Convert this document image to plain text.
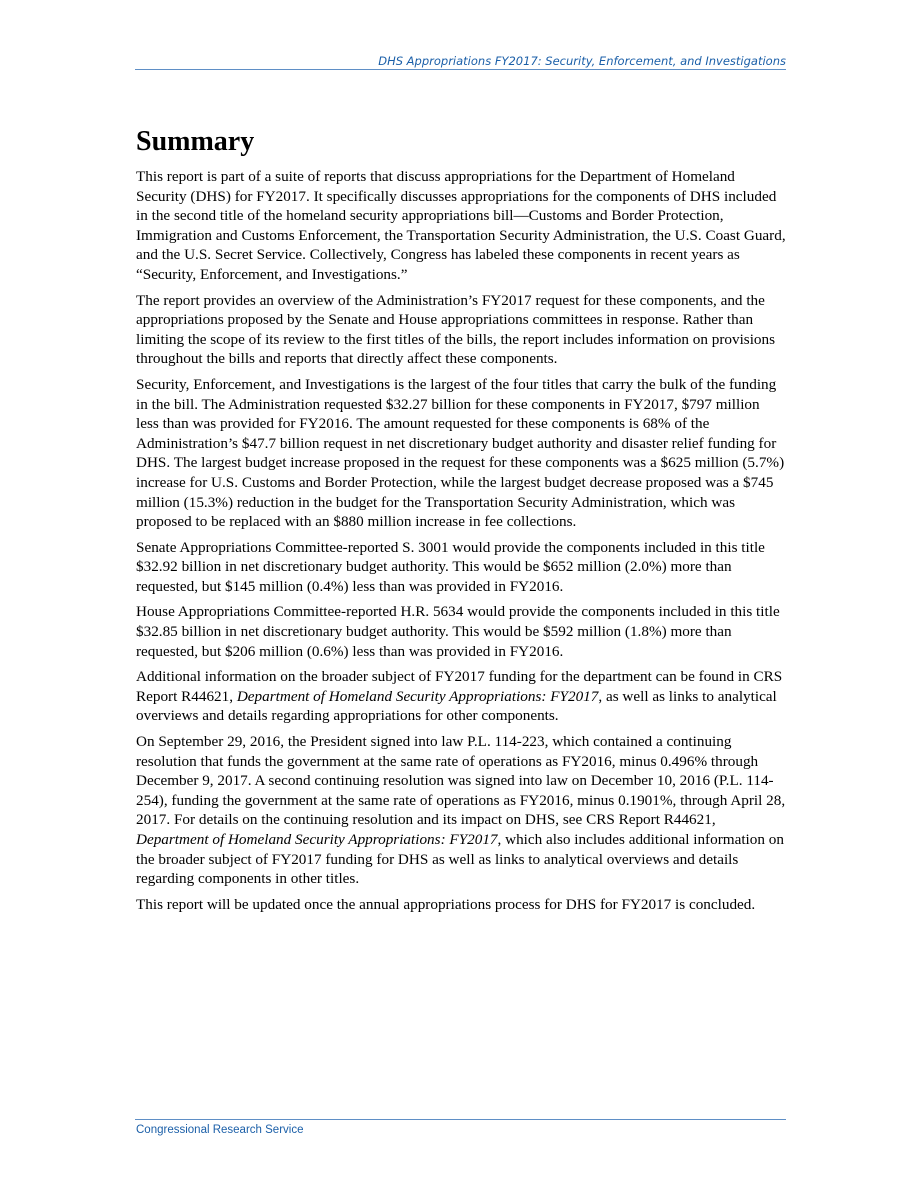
DHS Appropriations FY2017: Security, Enforcement, and Investigations
Summary

This report is part of a suite of reports that discuss appropriations for the Department of Homeland Security (DHS) for FY2017. It specifically discusses appropriations for the components of DHS included in the second title of the homeland security appropriations bill—Customs and Border Protection, Immigration and Customs Enforcement, the Transportation Security Administration, the U.S. Coast Guard, and the U.S. Secret Service. Collectively, Congress has labeled these components in recent years as “Security, Enforcement, and Investigations.”

The report provides an overview of the Administration’s FY2017 request for these components, and the appropriations proposed by the Senate and House appropriations committees in response. Rather than limiting the scope of its review to the first titles of the bills, the report includes information on provisions throughout the bills and reports that directly affect these components.

Security, Enforcement, and Investigations is the largest of the four titles that carry the bulk of the funding in the bill. The Administration requested $32.27 billion for these components in FY2017, $797 million less than was provided for FY2016. The amount requested for these components is 68% of the Administration’s $47.7 billion request in net discretionary budget authority and disaster relief funding for DHS. The largest budget increase proposed in the request for these components was a $625 million (5.7%) increase for U.S. Customs and Border Protection, while the largest budget decrease proposed was a $745 million (15.3%) reduction in the budget for the Transportation Security Administration, which was proposed to be replaced with an $880 million increase in fee collections.

Senate Appropriations Committee-reported S. 3001 would provide the components included in this title $32.92 billion in net discretionary budget authority. This would be $652 million (2.0%) more than requested, but $145 million (0.4%) less than was provided in FY2016.

House Appropriations Committee-reported H.R. 5634 would provide the components included in this title $32.85 billion in net discretionary budget authority. This would be $592 million (1.8%) more than requested, but $206 million (0.6%) less than was provided in FY2016.

Additional information on the broader subject of FY2017 funding for the department can be found in CRS Report R44621, Department of Homeland Security Appropriations: FY2017, as well as links to analytical overviews and details regarding appropriations for other components.

On September 29, 2016, the President signed into law P.L. 114-223, which contained a continuing resolution that funds the government at the same rate of operations as FY2016, minus 0.496% through December 9, 2017. A second continuing resolution was signed into law on December 10, 2016 (P.L. 114-254), funding the government at the same rate of operations as FY2016, minus 0.1901%, through April 28, 2017. For details on the continuing resolution and its impact on DHS, see CRS Report R44621, Department of Homeland Security Appropriations: FY2017, which also includes additional information on the broader subject of FY2017 funding for DHS as well as links to analytical overviews and details regarding components in other titles.

This report will be updated once the annual appropriations process for DHS for FY2017 is concluded.

Congressional Research Service
